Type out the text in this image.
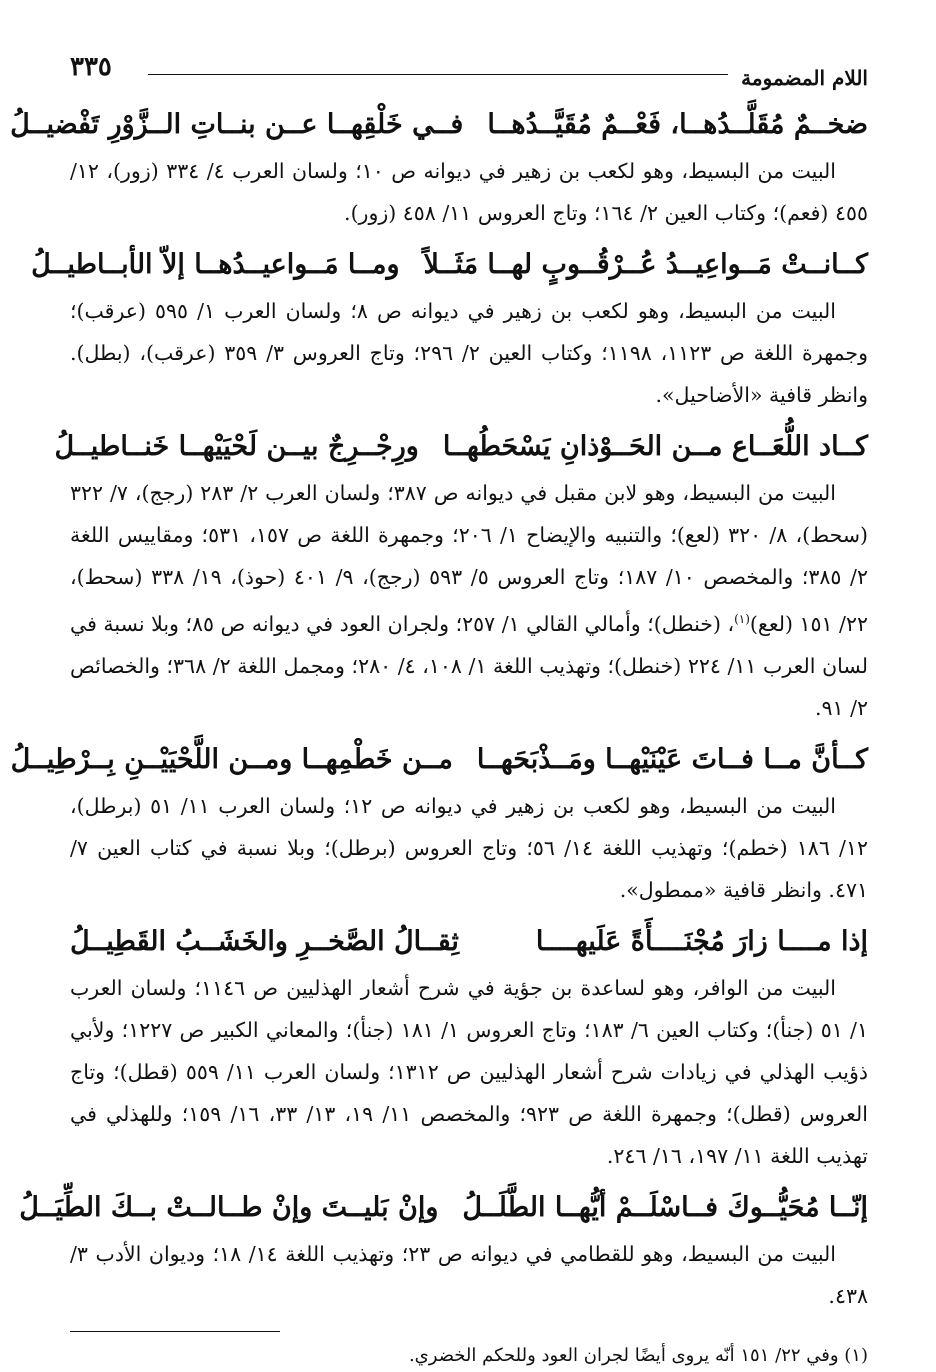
اللام المضمومة
٣٣٥
ضخــمٌ مُقَلَّــدُهــا، فَعْــمٌ مُقَيَّــدُهــا
فــي خَلْقِهــا عــن بنــاتِ الــزَّوْرِ تَفْضيــلُ

البيت من البسيط، وهو لكعب بن زهير في ديوانه ص ١٠؛ ولسان العرب ٤/ ٣٣٤ (زور)، ١٢/ ٤٥٥ (فعم)؛ وكتاب العين ٢/ ١٦٤؛ وتاج العروس ١١/ ٤٥٨ (زور).

كــانــتْ مَــواعِيــدُ عُــرْقُــوبٍ لهــا مَثَــلاً
ومــا مَــواعيــدُهــا إلاّ الأبــاطيــلُ

البيت من البسيط، وهو لكعب بن زهير في ديوانه ص ٨؛ ولسان العرب ١/ ٥٩٥ (عرقب)؛ وجمهرة اللغة ص ١١٢٣، ١١٩٨؛ وكتاب العين ٢/ ٢٩٦؛ وتاج العروس ٣/ ٣٥٩ (عرقب)، (بطل). وانظر قافية «الأضاحيل».

كــاد اللُّعَــاع مــن الحَــوْذانِ يَسْحَطُهــا
ورِجْــرِجٌ بيــن لَحْيَيْهــا خَنــاطيــلُ

البيت من البسيط، وهو لابن مقبل في ديوانه ص ٣٨٧؛ ولسان العرب ٢/ ٢٨٣ (رجج)، ٧/ ٣٢٢ (سحط)، ٨/ ٣٢٠ (لعع)؛ والتنبيه والإيضاح ١/ ٢٠٦؛ وجمهرة اللغة ص ١٥٧، ٥٣١؛ ومقاييس اللغة ٢/ ٣٨٥؛ والمخصص ١٠/ ١٨٧؛ وتاج العروس ٥/ ٥٩٣ (رجج)، ٩/ ٤٠١ (حوذ)، ١٩/ ٣٣٨ (سحط)، ٢٢/ ١٥١ (لعع)$^{(١)}$، (خنطل)؛ وأمالي القالي ١/ ٢٥٧؛ ولجران العود في ديوانه ص ٨٥؛ وبلا نسبة في لسان العرب ١١/ ٢٢٤ (خنطل)؛ وتهذيب اللغة ١/ ١٠٨، ٤/ ٢٨٠؛ ومجمل اللغة ٢/ ٣٦٨؛ والخصائص ٢/ ٩١.

كــأنَّ مــا فــاتَ عَيْنَيْهــا ومَــذْبَحَهــا
مــن خَطْمِهــا ومــن اللَّحْيَيْــنِ بِــرْطِيــلُ

البيت من البسيط، وهو لكعب بن زهير في ديوانه ص ١٢؛ ولسان العرب ١١/ ٥١ (برطل)، ١٢/ ١٨٦ (خطم)؛ وتهذيب اللغة ١٤/ ٥٦؛ وتاج العروس (برطل)؛ وبلا نسبة في كتاب العين ٧/ ٤٧١. وانظر قافية «ممطول».

إذا مــــا زارَ مُجْنَــــأَةً عَلَيهــــا
ثِقــالُ الصَّخــرِ والخَشَــبُ القَطِيــلُ

البيت من الوافر، وهو لساعدة بن جؤية في شرح أشعار الهذليين ص ١١٤٦؛ ولسان العرب ١/ ٥١ (جنأ)؛ وكتاب العين ٦/ ١٨٣؛ وتاج العروس ١/ ١٨١ (جنأ)؛ والمعاني الكبير ص ١٢٢٧؛ ولأبي ذؤيب الهذلي في زيادات شرح أشعار الهذليين ص ١٣١٢؛ ولسان العرب ١١/ ٥٥٩ (قطل)؛ وتاج العروس (قطل)؛ وجمهرة اللغة ص ٩٢٣؛ والمخصص ١١/ ١٩، ١٣/ ٣٣، ١٦/ ١٥٩؛ وللهذلي في تهذيب اللغة ١١/ ١٩٧، ١٦/ ٢٤٦.

إنّــا مُحَيُّــوكَ فــاسْلَــمْ أيُّهــا الطَّلَــلُ
وإنْ بَليــتَ وإنْ طــالــتْ بــكَ الطِّيَــلُ

البيت من البسيط، وهو للقطامي في ديوانه ص ٢٣؛ وتهذيب اللغة ١٤/ ١٨؛ وديوان الأدب ٣/ ٤٣٨.

(١) وفي ٢٢/ ١٥١ أنّه يروى أيضًا لجران العود وللحكم الخضري.
